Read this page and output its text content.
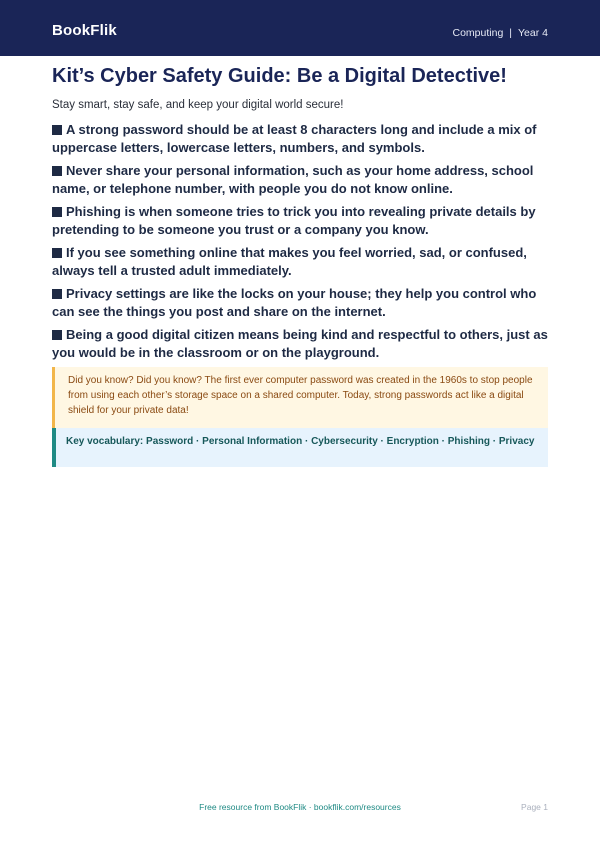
BookFlik	Computing | Year 4
Kit’s Cyber Safety Guide: Be a Digital Detective!
Stay smart, stay safe, and keep your digital world secure!
A strong password should be at least 8 characters long and include a mix of uppercase letters, lowercase letters, numbers, and symbols.
Never share your personal information, such as your home address, school name, or telephone number, with people you do not know online.
Phishing is when someone tries to trick you into revealing private details by pretending to be someone you trust or a company you know.
If you see something online that makes you feel worried, sad, or confused, always tell a trusted adult immediately.
Privacy settings are like the locks on your house; they help you control who can see the things you post and share on the internet.
Being a good digital citizen means being kind and respectful to others, just as you would be in the classroom or on the playground.
Did you know? Did you know? The first ever computer password was created in the 1960s to stop people from using each other’s storage space on a shared computer. Today, strong passwords act like a digital shield for your private data!
Key vocabulary: Password · Personal Information · Cybersecurity · Encryption · Phishing · Privacy
Free resource from BookFlik · bookflik.com/resources	Page 1
